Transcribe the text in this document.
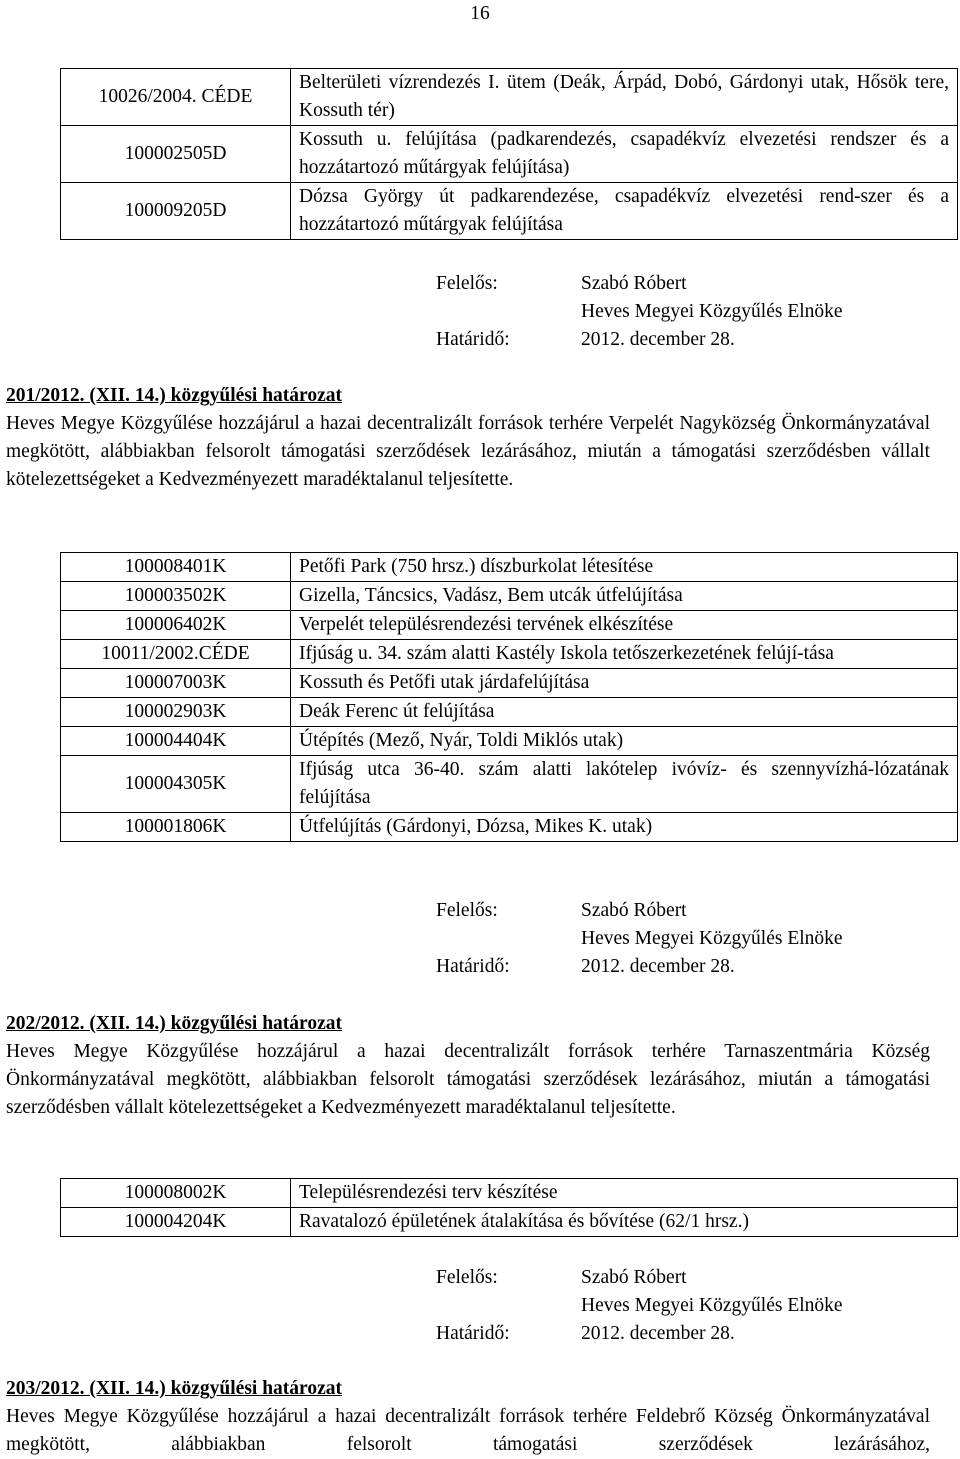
16
10026/2004. CÉDE	Belterületi vízrendezés I. ütem (Deák, Árpád, Dobó, Gárdonyi utak, Hősök tere, Kossuth tér)
100002505D	Kossuth u. felújítása (padkarendezés, csapadékvíz elvezetési rendszer és a hozzátartozó műtárgyak felújítása)
100009205D	Dózsa György út padkarendezése, csapadékvíz elvezetési rend-szer és a hozzátartozó műtárgyak felújítása
Felelős:	Szabó Róbert
Heves Megyei Közgyűlés Elnöke
Határidő:	2012. december 28.
201/2012. (XII. 14.) közgyűlési határozat
Heves Megye Közgyűlése hozzájárul a hazai decentralizált források terhére Verpelét Nagyközség Önkormányzatával megkötött, alábbiakban felsorolt támogatási szerződések lezárásához, miután a támogatási szerződésben vállalt kötelezettségeket a Kedvezményezett maradéktalanul teljesítette.
100008401K	Petőfi Park (750 hrsz.) díszburkolat létesítése
100003502K	Gizella, Táncsics, Vadász, Bem utcák útfelújítása
100006402K	Verpelét településrendezési tervének elkészítése
10011/2002.CÉDE	Ifjúság u. 34. szám alatti Kastély Iskola tetőszerkezetének felújí-tása
100007003K	Kossuth és Petőfi utak járdafelújítása
100002903K	Deák Ferenc út felújítása
100004404K	Útépítés (Mező, Nyár, Toldi Miklós utak)
100004305K	Ifjúság utca 36-40. szám alatti lakótelep ivóvíz- és szennyvízhá-lózatának felújítása
100001806K	Útfelújítás (Gárdonyi, Dózsa, Mikes K. utak)
Felelős:	Szabó Róbert
Heves Megyei Közgyűlés Elnöke
Határidő:	2012. december 28.
202/2012. (XII. 14.) közgyűlési határozat
Heves Megye Közgyűlése hozzájárul a hazai decentralizált források terhére Tarnaszentmária Község Önkormányzatával megkötött, alábbiakban felsorolt támogatási szerződések lezárásához, miután a támogatási szerződésben vállalt kötelezettségeket a Kedvezményezett maradéktalanul teljesítette.
100008002K	Településrendezési terv készítése
100004204K	Ravatalozó épületének átalakítása és bővítése (62/1 hrsz.)
Felelős:	Szabó Róbert
Heves Megyei Közgyűlés Elnöke
Határidő:	2012. december 28.
203/2012. (XII. 14.) közgyűlési határozat
Heves Megye Közgyűlése hozzájárul a hazai decentralizált források terhére Feldebrő Község Önkormányzatával megkötött, alábbiakban felsorolt támogatási szerződések lezárásához,
